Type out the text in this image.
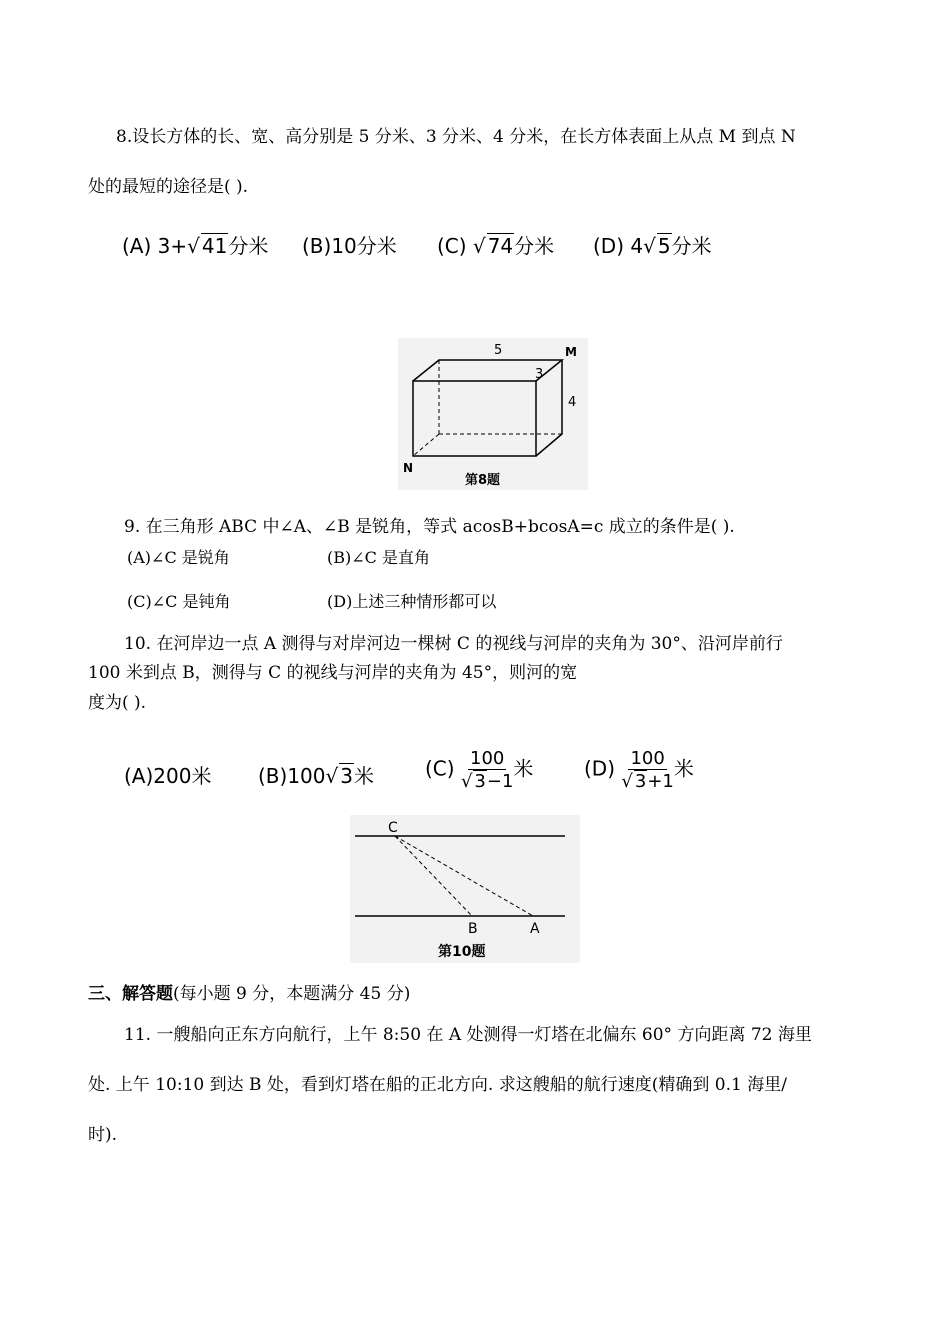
8.设长方体的长、宽、高分别是 5 分米、3 分米、4 分米，在长方体表面上从点 M 到点 N
处的最短的途径是( ).
(A) 3+√ 41分米 (B)10分米 (C) √ 74分米 (D) 4√ 5分米
5
3
4
M
N
第8题
9. 在三角形 ABC 中∠A、∠B 是锐角，等式 acosB+bcosA=c 成立的条件是( ).
(A)∠C 是锐角	(B)∠C 是直角
(C)∠C 是钝角	(D)上述三种情形都可以
10. 在河岸边一点 A 测得与对岸河边一棵树 C 的视线与河岸的夹角为 30°、沿河岸前行
100 米到点 B，测得与 C 的视线与河岸的夹角为 45°，则河的宽
度为( ).
(A)200米 (B)100√ 3米	$(C) \frac{100}{√ 3-1}$ 米	$(D) \frac{100}{√ 3+1}$ 米
C
B	A
第10题
三、解答题(每小题 9 分，本题满分 45 分)
11. 一艘船向正东方向航行，上午 8:50 在 A 处测得一灯塔在北偏东 60° 方向距离 72 海里
处. 上午 10:10 到达 B 处，看到灯塔在船的正北方向. 求这艘船的航行速度(精确到 0.1 海里/
时).
